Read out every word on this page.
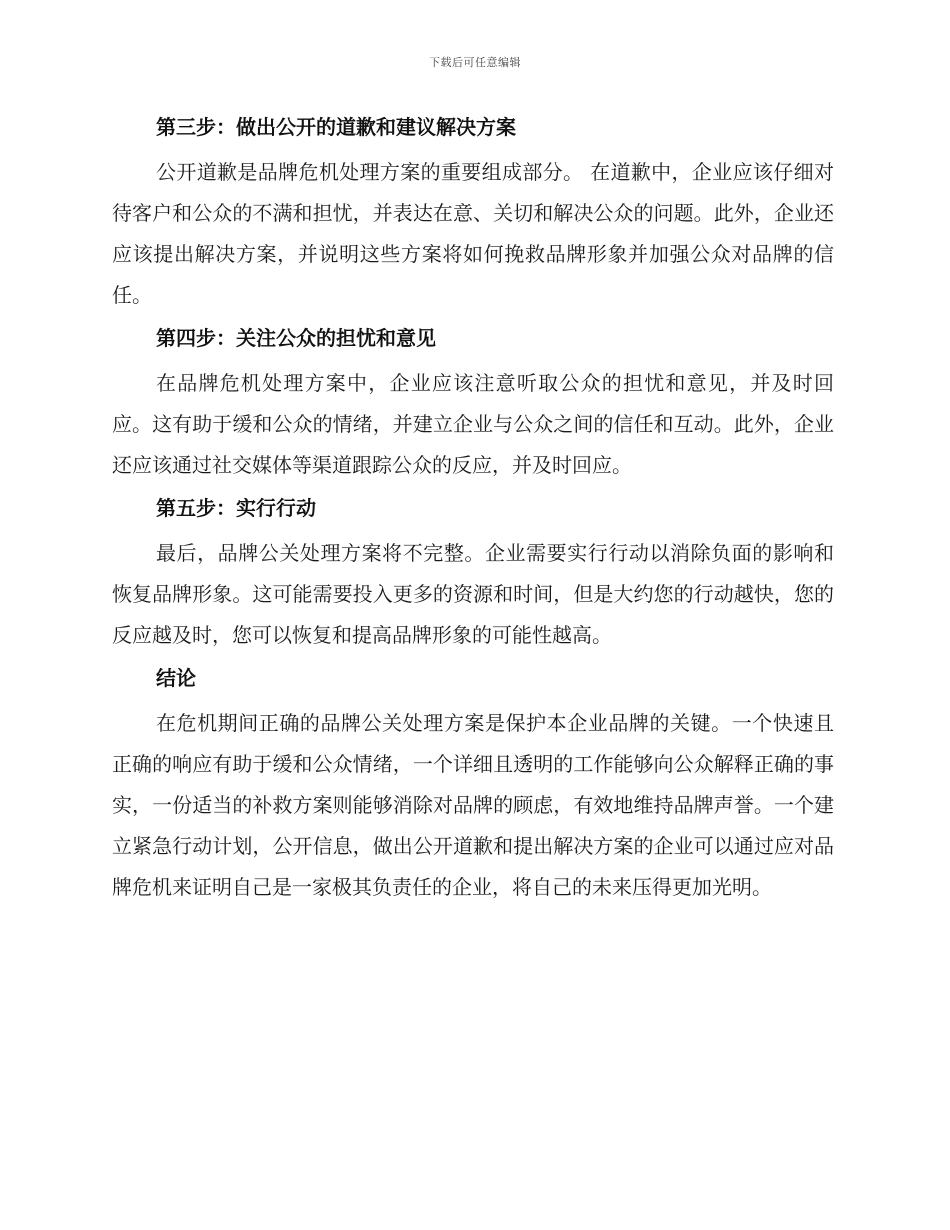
下载后可任意编辑
第三步：做出公开的道歉和建议解决方案

公开道歉是品牌危机处理方案的重要组成部分。 在道歉中，企业应该仔细对待客户和公众的不满和担忧，并表达在意、关切和解决公众的问题。此外，企业还应该提出解决方案，并说明这些方案将如何挽救品牌形象并加强公众对品牌的信任。

第四步：关注公众的担忧和意见

在品牌危机处理方案中，企业应该注意听取公众的担忧和意见，并及时回应。这有助于缓和公众的情绪，并建立企业与公众之间的信任和互动。此外，企业还应该通过社交媒体等渠道跟踪公众的反应，并及时回应。

第五步：实行行动

最后，品牌公关处理方案将不完整。企业需要实行行动以消除负面的影响和恢复品牌形象。这可能需要投入更多的资源和时间，但是大约您的行动越快，您的反应越及时，您可以恢复和提高品牌形象的可能性越高。

结论

在危机期间正确的品牌公关处理方案是保护本企业品牌的关键。一个快速且正确的响应有助于缓和公众情绪，一个详细且透明的工作能够向公众解释正确的事实，一份适当的补救方案则能够消除对品牌的顾虑，有效地维持品牌声誉。一个建立紧急行动计划，公开信息，做出公开道歉和提出解决方案的企业可以通过应对品牌危机来证明自己是一家极其负责任的企业，将自己的未来压得更加光明。
